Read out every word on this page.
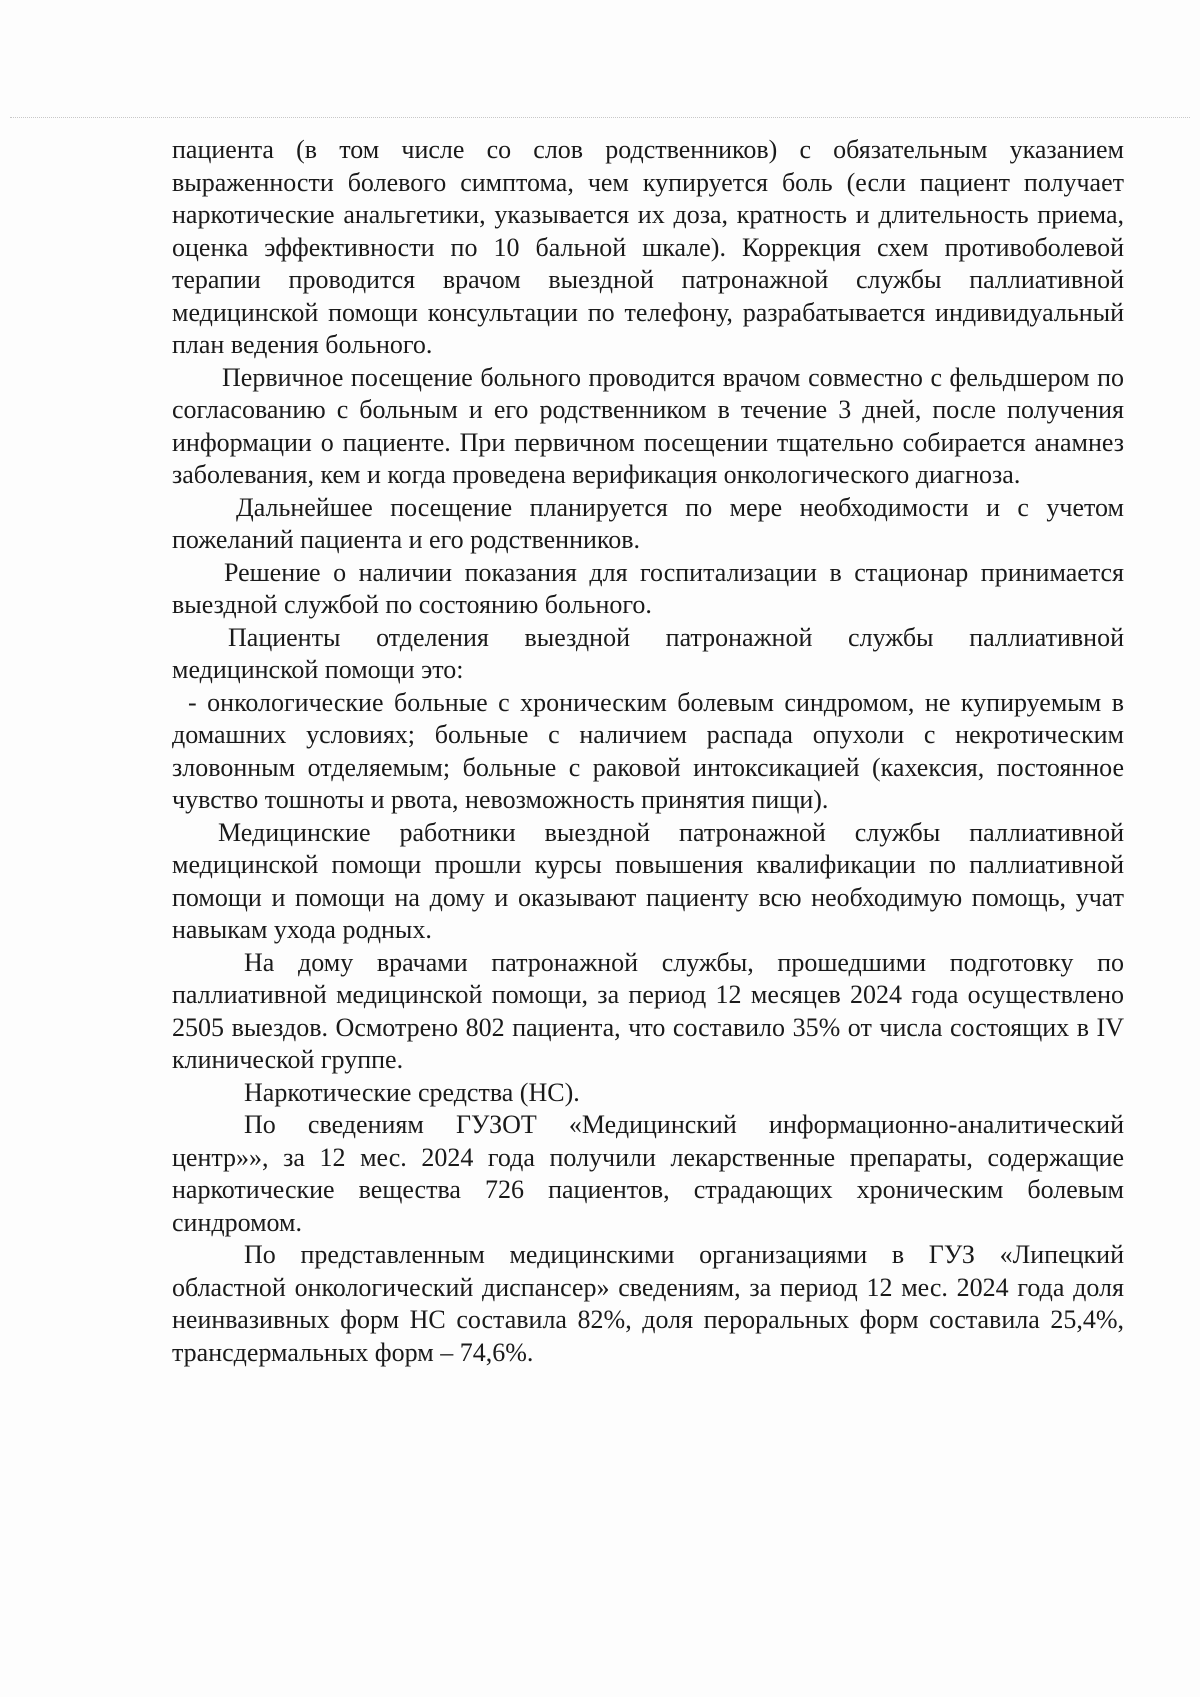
пациента (в том числе со слов родственников) с обязательным указанием выраженности болевого симптома, чем купируется боль (если пациент получает наркотические анальгетики, указывается их доза, кратность и длительность приема, оценка эффективности по 10 бальной шкале). Коррекция схем противоболевой терапии проводится врачом выездной патронажной службы паллиативной медицинской помощи консультации по телефону, разрабатывается индивидуальный план ведения больного.

Первичное посещение больного проводится врачом совместно с фельдшером по согласованию с больным и его родственником в течение 3 дней, после получения информации о пациенте. При первичном посещении тщательно собирается анамнез заболевания, кем и когда проведена верификация онкологического диагноза.

Дальнейшее посещение планируется по мере необходимости и с учетом пожеланий пациента и его родственников.

Решение о наличии показания для госпитализации в стационар принимается выездной службой по состоянию больного.

Пациенты отделения выездной патронажной службы паллиативной медицинской помощи это:

- онкологические больные с хроническим болевым синдромом, не купируемым в домашних условиях; больные с наличием распада опухоли с некротическим зловонным отделяемым; больные с раковой интоксикацией (кахексия, постоянное чувство тошноты и рвота, невозможность принятия пищи).

Медицинские работники выездной патронажной службы паллиативной медицинской помощи прошли курсы повышения квалификации по паллиативной помощи и помощи на дому и оказывают пациенту всю необходимую помощь, учат навыкам ухода родных.

На дому врачами патронажной службы, прошедшими подготовку по паллиативной медицинской помощи, за период 12 месяцев 2024 года осуществлено 2505 выездов. Осмотрено 802 пациента, что составило 35% от числа состоящих в IV клинической группе.

Наркотические средства (НС).

По сведениям ГУЗОТ «Медицинский информационно-аналитический центр»», за 12 мес. 2024 года получили лекарственные препараты, содержащие наркотические вещества 726 пациентов, страдающих хроническим болевым синдромом.

По представленным медицинскими организациями в ГУЗ «Липецкий областной онкологический диспансер» сведениям, за период 12 мес. 2024 года доля неинвазивных форм НС составила 82%, доля пероральных форм составила 25,4%, трансдермальных форм – 74,6%.
